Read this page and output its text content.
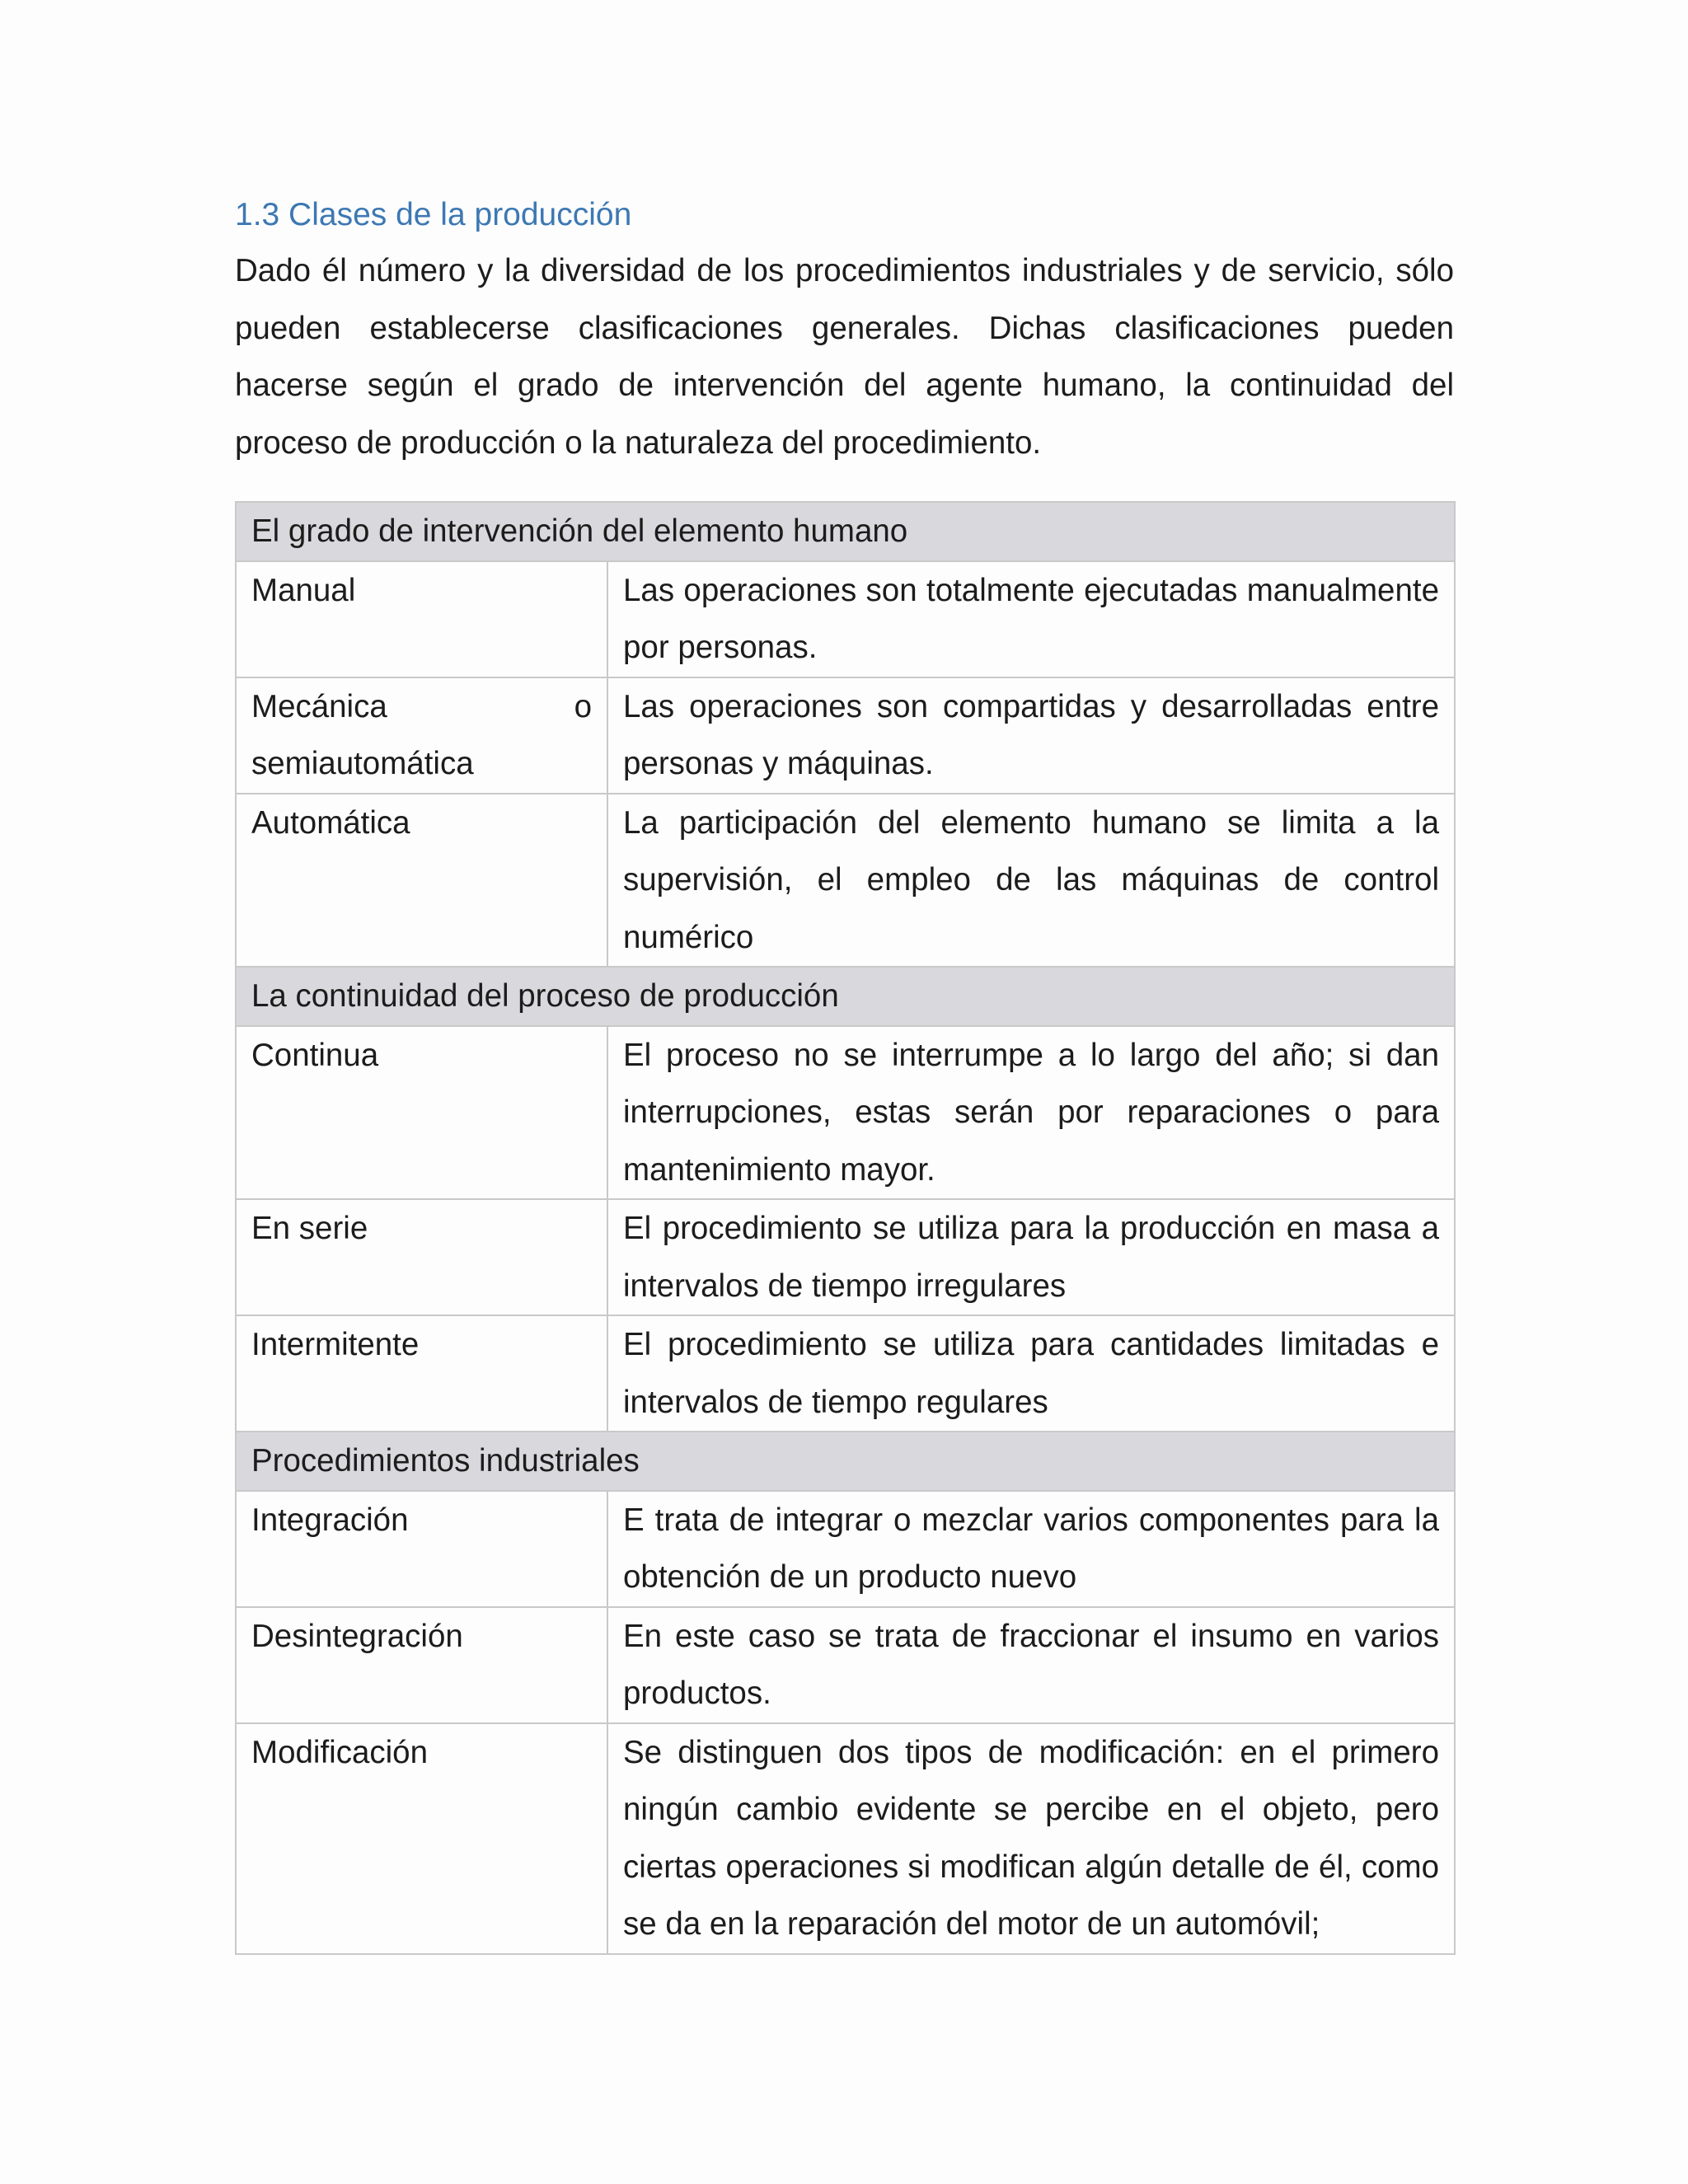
1.3 Clases de la producción

Dado él número y la diversidad de los procedimientos industriales y de servicio, sólo pueden establecerse clasificaciones generales. Dichas clasificaciones pueden hacerse según el grado de intervención del agente humano, la continuidad del proceso de producción o la naturaleza del procedimiento.

El grado de intervención del elemento humano	
Manual	Las operaciones son totalmente ejecutadas manualmente por personas.

Mecánica o
semiautomática	Las operaciones son compartidas y desarrolladas entre personas y máquinas.
Automática	La participación del elemento humano se limita a la supervisión, el empleo de las máquinas de control numérico
La continuidad del proceso de producción	
Continua	El proceso no se interrumpe a lo largo del año; si dan interrupciones, estas serán por reparaciones o para mantenimiento mayor.
En serie	El procedimiento se utiliza para la producción en masa a intervalos de tiempo irregulares
Intermitente	El procedimiento se utiliza para cantidades limitadas e intervalos de tiempo regulares
Procedimientos industriales	
Integración	E trata de integrar o mezclar varios componentes para la obtención de un producto nuevo
Desintegración	En este caso se trata de fraccionar el insumo en varios productos.
Modificación	Se distinguen dos tipos de modificación: en el primero ningún cambio evidente se percibe en el objeto, pero ciertas operaciones si modifican algún detalle de él, como se da en la reparación del motor de un automóvil;
